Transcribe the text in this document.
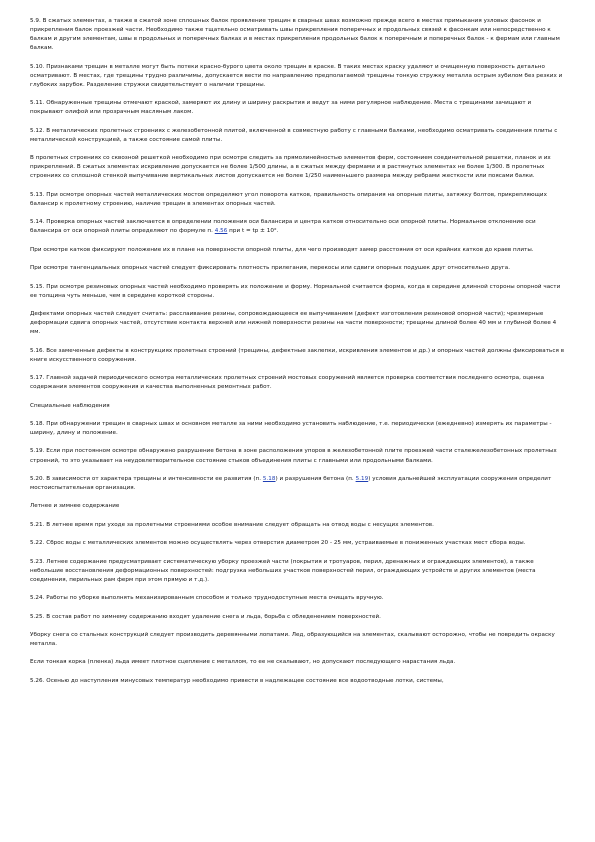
5.9. В сжатых элементах, а также в сжатой зоне сплошных балок проявление трещин в сварных швах возможно прежде всего в местах примыкания узловых фасонок и прикрепления балок проезжей части. Необходимо также тщательно осматривать швы прикрепления поперечных и продольных связей к фасонкам или непосредственно к балкам и другим элементам, швы в продольных и поперечных балках и в местах прикрепления продольных балок к поперечным и поперечных балок - к фермам или главным балкам.

5.10. Признаками трещин в металле могут быть потеки красно-бурого цвета около трещин в краске. В таких местах краску удаляют и очищенную поверхность детально осматривают. В местах, где трещины трудно различимы, допускается вести по направлению предполагаемой трещины тонкую стружку металла острым зубилом без резких и глубоких зарубок. Разделение стружки свидетельствует о наличии трещины.

5.11. Обнаруженные трещины отмечают краской, замеряют их длину и ширину раскрытия и ведут за ними регулярное наблюдение. Места с трещинами зачищают и покрывают олифой или прозрачным масляным лаком.

5.12. В металлических пролетных строениях с железобетонной плитой, включенной в совместную работу с главными балками, необходимо осматривать соединения плиты с металлической конструкцией, а также состояние самой плиты.

В пролетных строениях со сквозной решеткой необходимо при осмотре следить за прямолинейностью элементов ферм, состоянием соединительной решетки, планок и их прикреплений. В сжатых элементах искривление допускается не более 1/500 длины, а в сжатых между фермами и в растянутых элементах не более 1/300. В пролетных строениях со сплошной стенкой выпучивание вертикальных листов допускается не более 1/250 наименьшего размера между ребрами жесткости или поясами балки.

5.13. При осмотре опорных частей металлических мостов определяют угол поворота катков, правильность опирания на опорные плиты, затяжку болтов, прикрепляющих балансир к пролетному строению, наличие трещин в элементах опорных частей.

5.14. Проверка опорных частей заключается в определении положения оси балансира и центра катков относительно оси опорной плиты. Нормальное отклонение оси балансира от оси опорной плиты определяют по формуле п. 4.56 при t = tр ± 10°.

При осмотре катков фиксируют положение их в плане на поверхности опорной плиты, для чего производят замер расстояния от оси крайних катков до краев плиты.

При осмотре тангенциальных опорных частей следует фиксировать плотность прилегания, перекосы или сдвиги опорных подушек друг относительно друга.

5.15. При осмотре резиновых опорных частей необходимо проверять их положение и форму. Нормальной считается форма, когда в середине длинной стороны опорной части ее толщина чуть меньше, чем в середине короткой стороны.

Дефектами опорных частей следует считать: расслаивание резины, сопровождающееся ее выпучиванием (дефект изготовления резиновой опорной части); чрезмерные деформации сдвига опорных частей, отсутствие контакта верхней или нижней поверхности резины на части поверхности; трещины длиной более 40 мм и глубиной более 4 мм.

5.16. Все замеченные дефекты в конструкциях пролетных строений (трещины, дефектные заклепки, искривления элементов и др.) и опорных частей должны фиксироваться в книге искусственного сооружения.

5.17. Главной задачей периодического осмотра металлических пролетных строений мостовых сооружений является проверка соответствия последнего осмотра, оценка содержания элементов сооружения и качества выполненных ремонтных работ.

Специальные наблюдения

5.18. При обнаружении трещин в сварных швах и основном металле за ними необходимо установить наблюдение, т.е. периодически (ежедневно) измерять их параметры - ширину, длину и положение.

5.19. Если при постоянном осмотре обнаружено разрушение бетона в зоне расположения упоров в железобетонной плите проезжей части сталежелезобетонных пролетных строений, то это указывает на неудовлетворительное состояние стыков объединения плиты с главными или продольными балками.

5.20. В зависимости от характера трещины и интенсивности ее развития (п. 5.18) и разрушения бетона (п. 5.19) условия дальнейшей эксплуатации сооружения определит мостоиспытательная организация.

Летнее и зимнее содержание

5.21. В летнее время при уходе за пролетными строениями особое внимание следует обращать на отвод воды с несущих элементов.

5.22. Сброс воды с металлических элементов можно осуществлять через отверстия диаметром 20 - 25 мм, устраиваемые в пониженных участках мест сбора воды.

5.23. Летнее содержание предусматривает систематическую уборку проезжей части (покрытия и тротуаров, перил, дренажных и ограждающих элементов), а также небольшие восстановления деформационных поверхностей: подгрузка небольших участков поверхностей перил, ограждающих устройств и других элементов (места соединения, перильных рам ферм при этом прямую и т.д.).

5.24. Работы по уборке выполнять механизированным способом и только труднодоступные места очищать вручную.

5.25. В состав работ по зимнему содержанию входят удаление снега и льда, борьба с обледенением поверхностей.

Уборку снега со стальных конструкций следует производить деревянными лопатами. Лед, образующийся на элементах, скалывают осторожно, чтобы не повредить окраску металла.

Если тонкая корка (пленка) льда имеет плотное сцепление с металлом, то ее не скалывают, но допускают последующего нарастания льда.

5.26. Осенью до наступления минусовых температур необходимо привести в надлежащее состояние все водоотводные лотки, системы,
